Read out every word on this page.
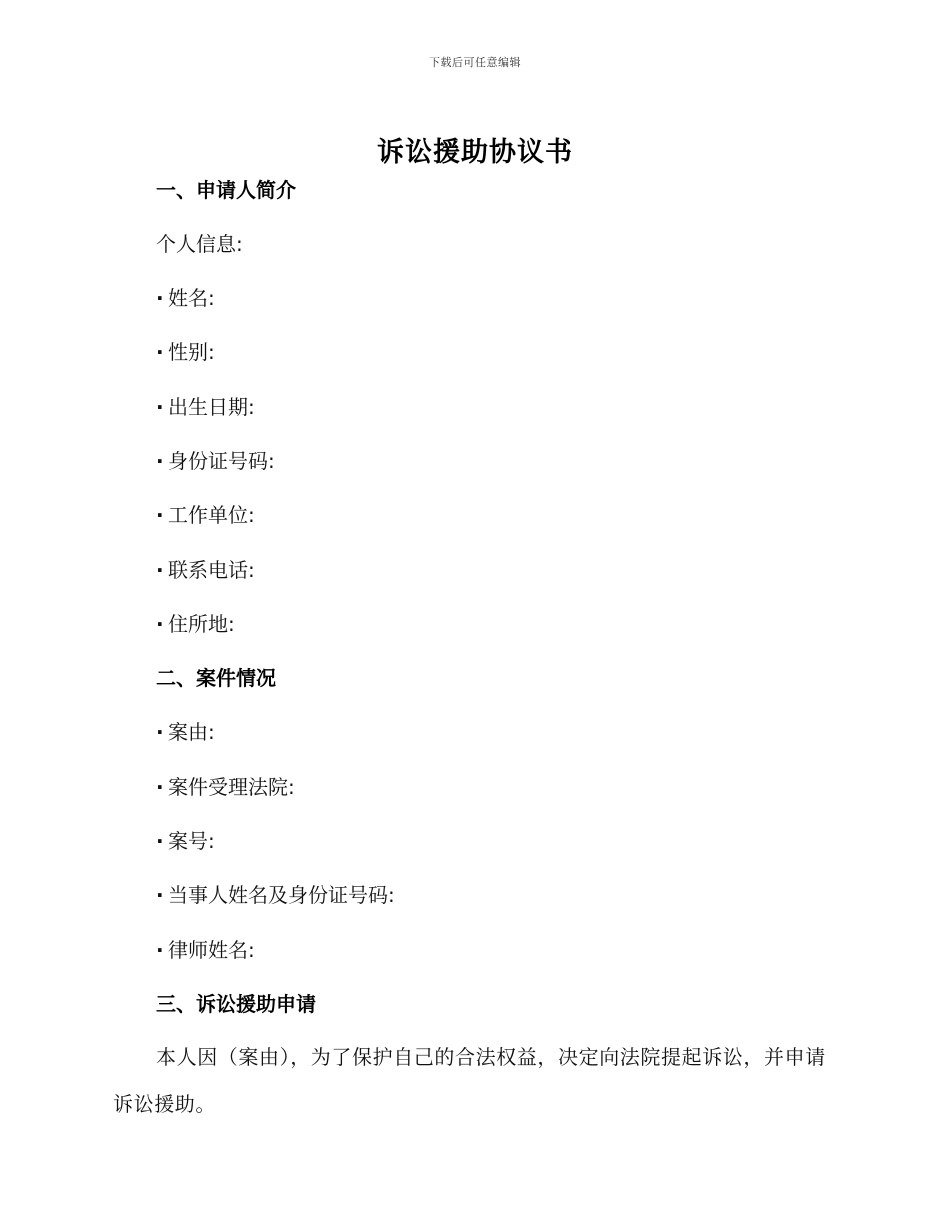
下载后可任意编辑
诉讼援助协议书
一、申请人简介
个人信息:
· 姓名:
· 性别:
· 出生日期:
· 身份证号码:
· 工作单位:
· 联系电话:
· 住所地:
二、案件情况
· 案由:
· 案件受理法院:
· 案号:
· 当事人姓名及身份证号码:
· 律师姓名:
三、诉讼援助申请
本人因（案由），为了保护自己的合法权益，决定向法院提起诉讼，并申请诉讼援助。
